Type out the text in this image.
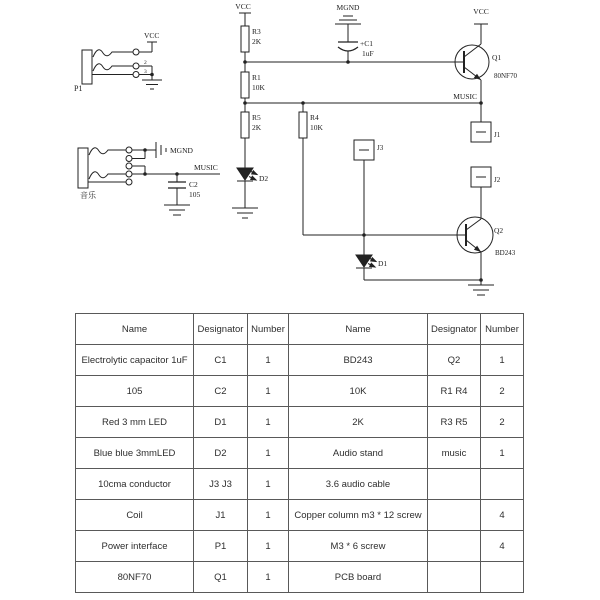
VCC
P1
2
3
音乐
MGND
MUSIC
C2
105
VCC
R3
2K
R1
10K
R5
2K
R4
10K
D2
MGND
+C1
1uF
VCC
Q1
80NF70
MUSIC
J1
J2
J3
Q2
BD243
D1
Name	Designator	Number	Name	Designator	Number
Electrolytic capacitor 1uF	C1	1	BD243	Q2	1
105	C2	1	10K	R1 R4	2
Red 3 mm LED	D1	1	2K	R3 R5	2
Blue blue 3mmLED	D2	1	Audio stand	music	1
10cma conductor	J3 J3	1	3.6 audio cable		
Coil	J1	1	Copper column m3 * 12 screw		4
Power interface	P1	1	M3 * 6 screw		4
80NF70	Q1	1	PCB board		
